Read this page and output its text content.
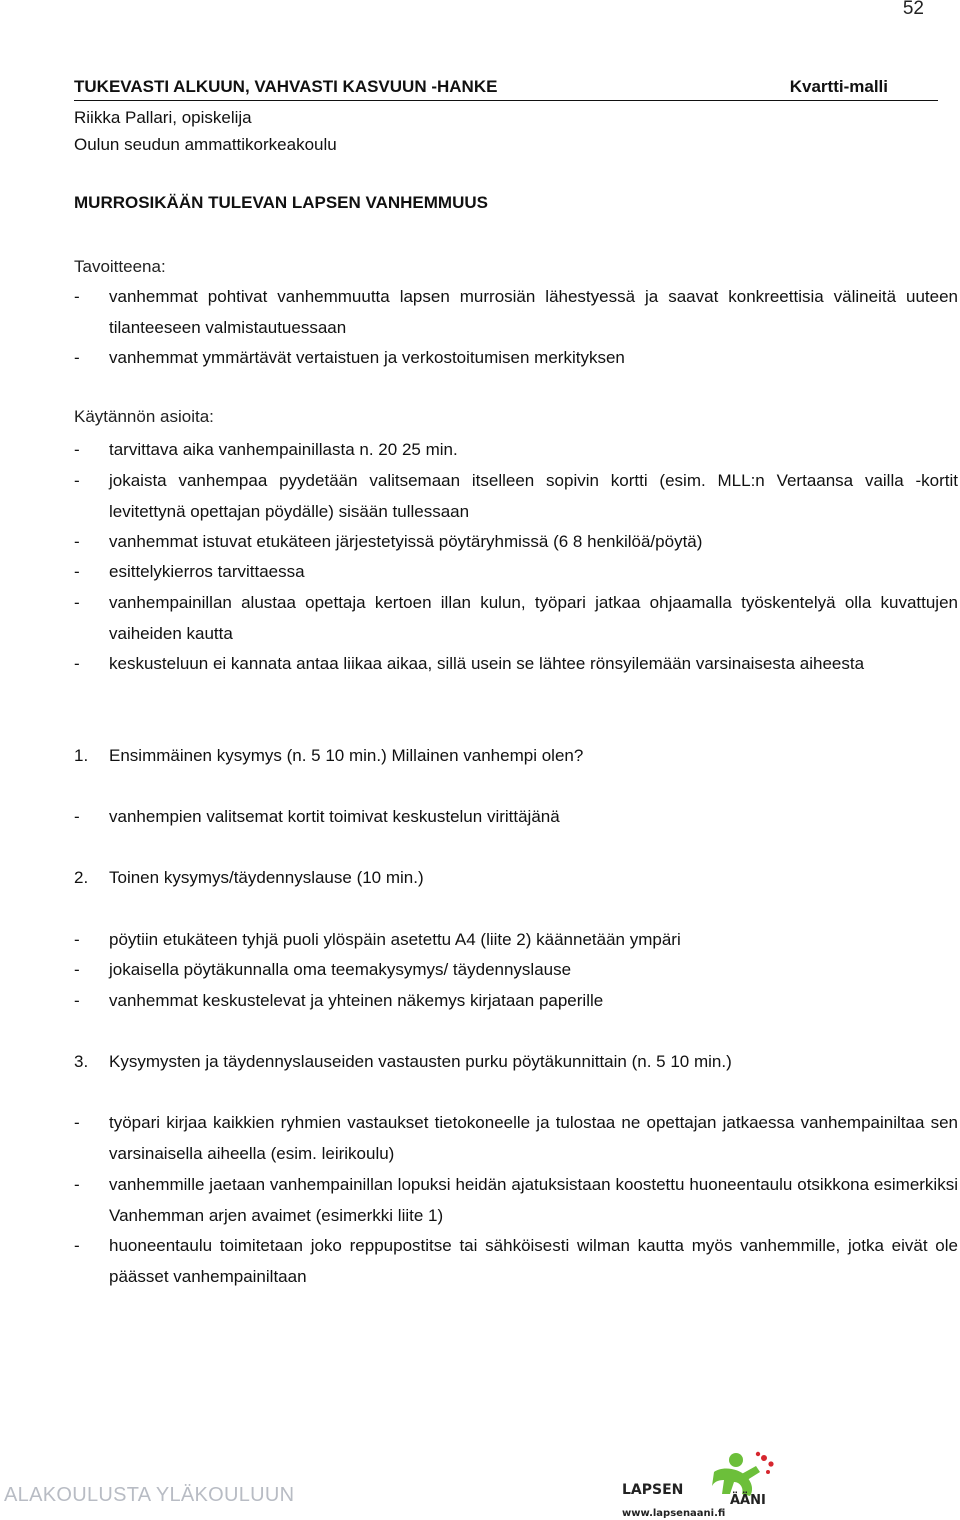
52
TUKEVASTI ALKUUN, VAHVASTI KASVUUN -HANKE	Kvartti-malli
Riikka Pallari, opiskelija
Oulun seudun ammattikorkeakoulu
MURROSIKÄÄN TULEVAN LAPSEN VANHEMMUUS
Tavoitteena:
- vanhemmat pohtivat vanhemmuutta lapsen murrosiän lähestyessä ja saavat konkreettisia välineitä uuteen tilanteeseen valmistautuessaan
- vanhemmat ymmärtävät vertaistuen ja verkostoitumisen merkityksen
Käytännön asioita:
- tarvittava aika vanhempainillasta n. 20 25 min.
- jokaista vanhempaa pyydetään valitsemaan itselleen sopivin kortti (esim. MLL:n Vertaansa vailla -kortit levitettynä opettajan pöydälle) sisään tullessaan
- vanhemmat istuvat etukäteen järjestetyissä pöytäryhmissä (6 8 henkilöä/pöytä)
- esittelykierros tarvittaessa
- vanhempainillan alustaa opettaja kertoen illan kulun, työpari jatkaa ohjaamalla työskentelyä olla kuvattujen vaiheiden kautta
- keskusteluun ei kannata antaa liikaa aikaa, sillä usein se lähtee rönsyilemään varsinaisesta aiheesta
1. Ensimmäinen kysymys (n. 5 10 min.) Millainen vanhempi olen?
- vanhempien valitsemat kortit toimivat keskustelun virittäjänä
2. Toinen kysymys/täydennyslause (10 min.)
- pöytiin etukäteen tyhjä puoli ylöspäin asetettu A4 (liite 2) käännetään ympäri
- jokaisella pöytäkunnalla oma teemakysymys/ täydennyslause
- vanhemmat keskustelevat ja yhteinen näkemys kirjataan paperille
3. Kysymysten ja täydennyslauseiden vastausten purku pöytäkunnittain (n. 5 10 min.)
- työpari kirjaa kaikkien ryhmien vastaukset tietokoneelle ja tulostaa ne opettajan jatkaessa vanhempainiltaa sen varsinaisella aiheella (esim. leirikoulu)
- vanhemmille jaetaan vanhempainillan lopuksi heidän ajatuksistaan koostettu huoneentaulu otsikkona esimerkiksi Vanhemman arjen avaimet (esimerkki liite 1)
- huoneentaulu toimitetaan joko reppupostitse tai sähköisesti wilman kautta myös vanhemmille, jotka eivät ole päässet vanhempainiltaan
ALAKOULUSTA YLÄKOULUUN	LAPSEN
ÄÄNI
www.lapsenaani.fi
